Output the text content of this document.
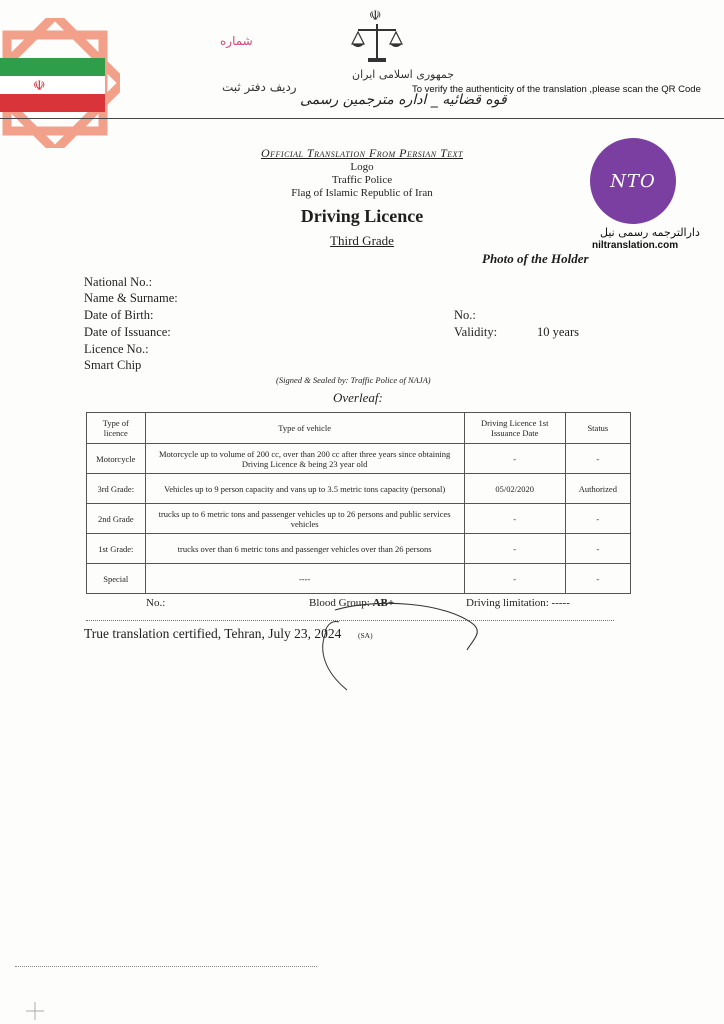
☫
☫
جمهوری اسلامی ایران
شماره
ردیف دفتر ثبت
قوه قضائیه _ اداره مترجمین رسمی
To verify the authenticity of the translation ,please scan the QR Code
NTO
دارالترجمه رسمی نیل
niltranslation.com
Official Translation From Persian Text
Logo
Traffic Police
Flag of Islamic Republic of Iran
Driving Licence
Third Grade
Photo of the Holder
National No.:
Name & Surname:
Date of Birth:
Date of Issuance:
Licence No.:
Smart Chip
No.:
Validity:	10 years
(Signed & Sealed by: Traffic Police of NAJA)
Overleaf:
Type of licence	Type of vehicle	Driving Licence 1st Issuance Date	Status
Motorcycle	Motorcycle up to volume of 200 cc, over than 200 cc after three years since obtaining Driving Licence & being 23 year old	-	-
3rd Grade:	Vehicles up to 9 person capacity and vans up to 3.5 metric tons capacity (personal)	05/02/2020	Authorized
2nd Grade	trucks up to 6 metric tons and passenger vehicles up to 26 persons and public services vehicles	-	-
1st Grade:	trucks over than 6 metric tons and passenger vehicles over than 26 persons	-	-
Special	----	-	-
No.:	Blood Group: AB+	Driving limitation: -----
True translation certified, Tehran, July 23, 2024 (SA)
